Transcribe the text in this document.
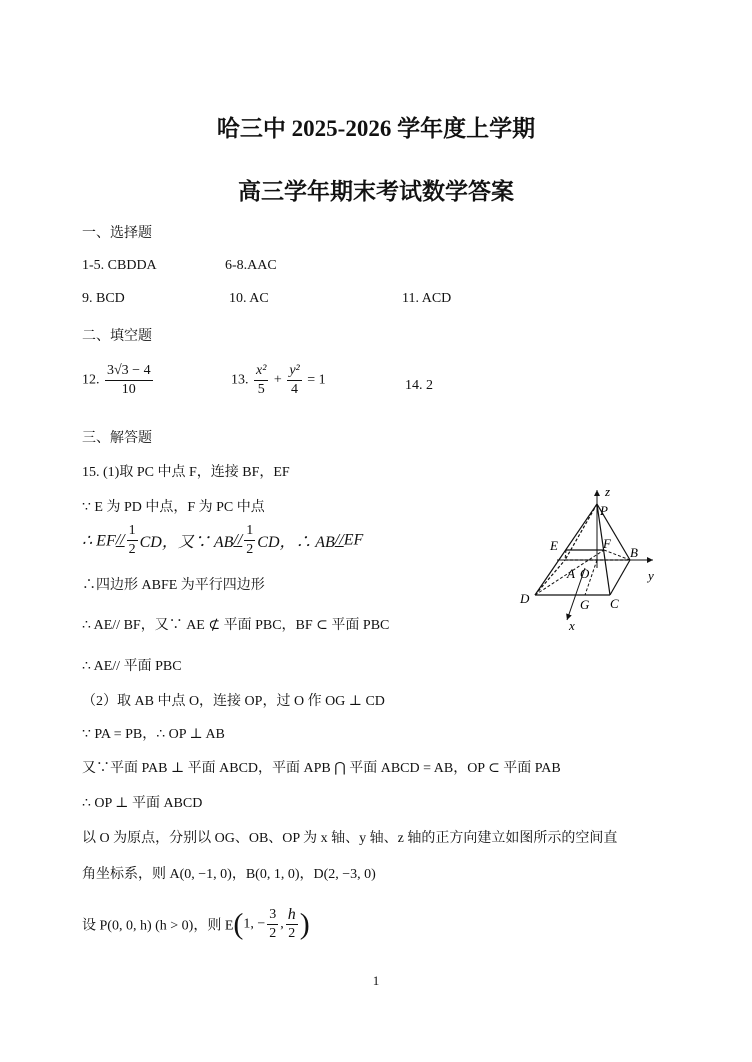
哈三中 2025-2026 学年度上学期
高三学年期末考试数学答案
一、选择题
1-5. CBDDA	6-8.AAC
9. BCD	10. AC	11. ACD
二、填空题
12. $\frac{3√3 - 4}{10}$	13. $\frac{\text{x²}}{5} + \frac{\text{y²}}{4} = 1$	14. 2
三、解答题
15. (1)取 PC 中点 F，连接 BF，EF
∵ E 为 PD 中点，F 为 PC 中点
∴ $EF// \frac{1}{2}$ CD，又∵ $AB// \frac{1}{2}$ CD，∴ AB//EF
∴四边形 ABFE 为平行四边形
∴ AE// BF，又∵ AE ⊄ 平面 PBC，BF ⊂ 平面 PBC
∴ AE// 平面 PBC
（2）取 AB 中点 O，连接 OP，过 O 作 OG ⊥ CD
∵ PA = PB，∴ OP ⊥ AB
又∵平面 PAB ⊥ 平面 ABCD，平面 APB ⋂ 平面 ABCD = AB，OP ⊂ 平面 PAB
∴ OP ⊥ 平面 ABCD
以 O 为原点，分别以 OG、OB、OP 为 x 轴、y 轴、z 轴的正方向建立如图所示的空间直
角坐标系，则 A(0, −1, 0)，B(0, 1, 0)，D(2, −3, 0)
设 P(0, 0, h) (h > 0)，则 E(1, − $\frac{3}{2}$ , $\frac{h}{2}$ )
z
P
E	F
B
y
A O
D	G C
x
1
